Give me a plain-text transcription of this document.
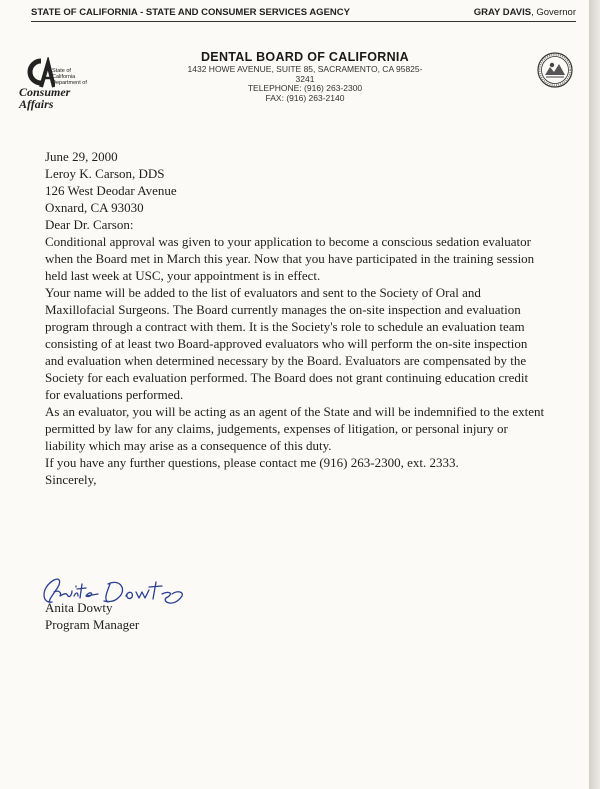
STATE OF CALIFORNIA - STATE AND CONSUMER SERVICES AGENCY	GRAY DAVIS, Governor
State of
California
Department of
Consumer
Affairs
DENTAL BOARD OF CALIFORNIA
1432 HOWE AVENUE, SUITE 85, SACRAMENTO, CA 95825-3241
TELEPHONE: (916) 263-2300
FAX: (916) 263-2140

June 29, 2000

Leroy K. Carson, DDS
126 West Deodar Avenue
Oxnard, CA 93030

Dear Dr. Carson:

Conditional approval was given to your application to become a conscious sedation evaluator when the Board met in March this year. Now that you have participated in the training session held last week at USC, your appointment is in effect.

Your name will be added to the list of evaluators and sent to the Society of Oral and Maxillofacial Surgeons. The Board currently manages the on-site inspection and evaluation program through a contract with them. It is the Society's role to schedule an evaluation team consisting of at least two Board-approved evaluators who will perform the on-site inspection and evaluation when determined necessary by the Board. Evaluators are compensated by the Society for each evaluation performed. The Board does not grant continuing education credit for evaluations performed.

As an evaluator, you will be acting as an agent of the State and will be indemnified to the extent permitted by law for any claims, judgements, expenses of litigation, or personal injury or liability which may arise as a consequence of this duty.

If you have any further questions, please contact me (916) 263-2300, ext. 2333.

Sincerely,

Anita Dowty
Program Manager
